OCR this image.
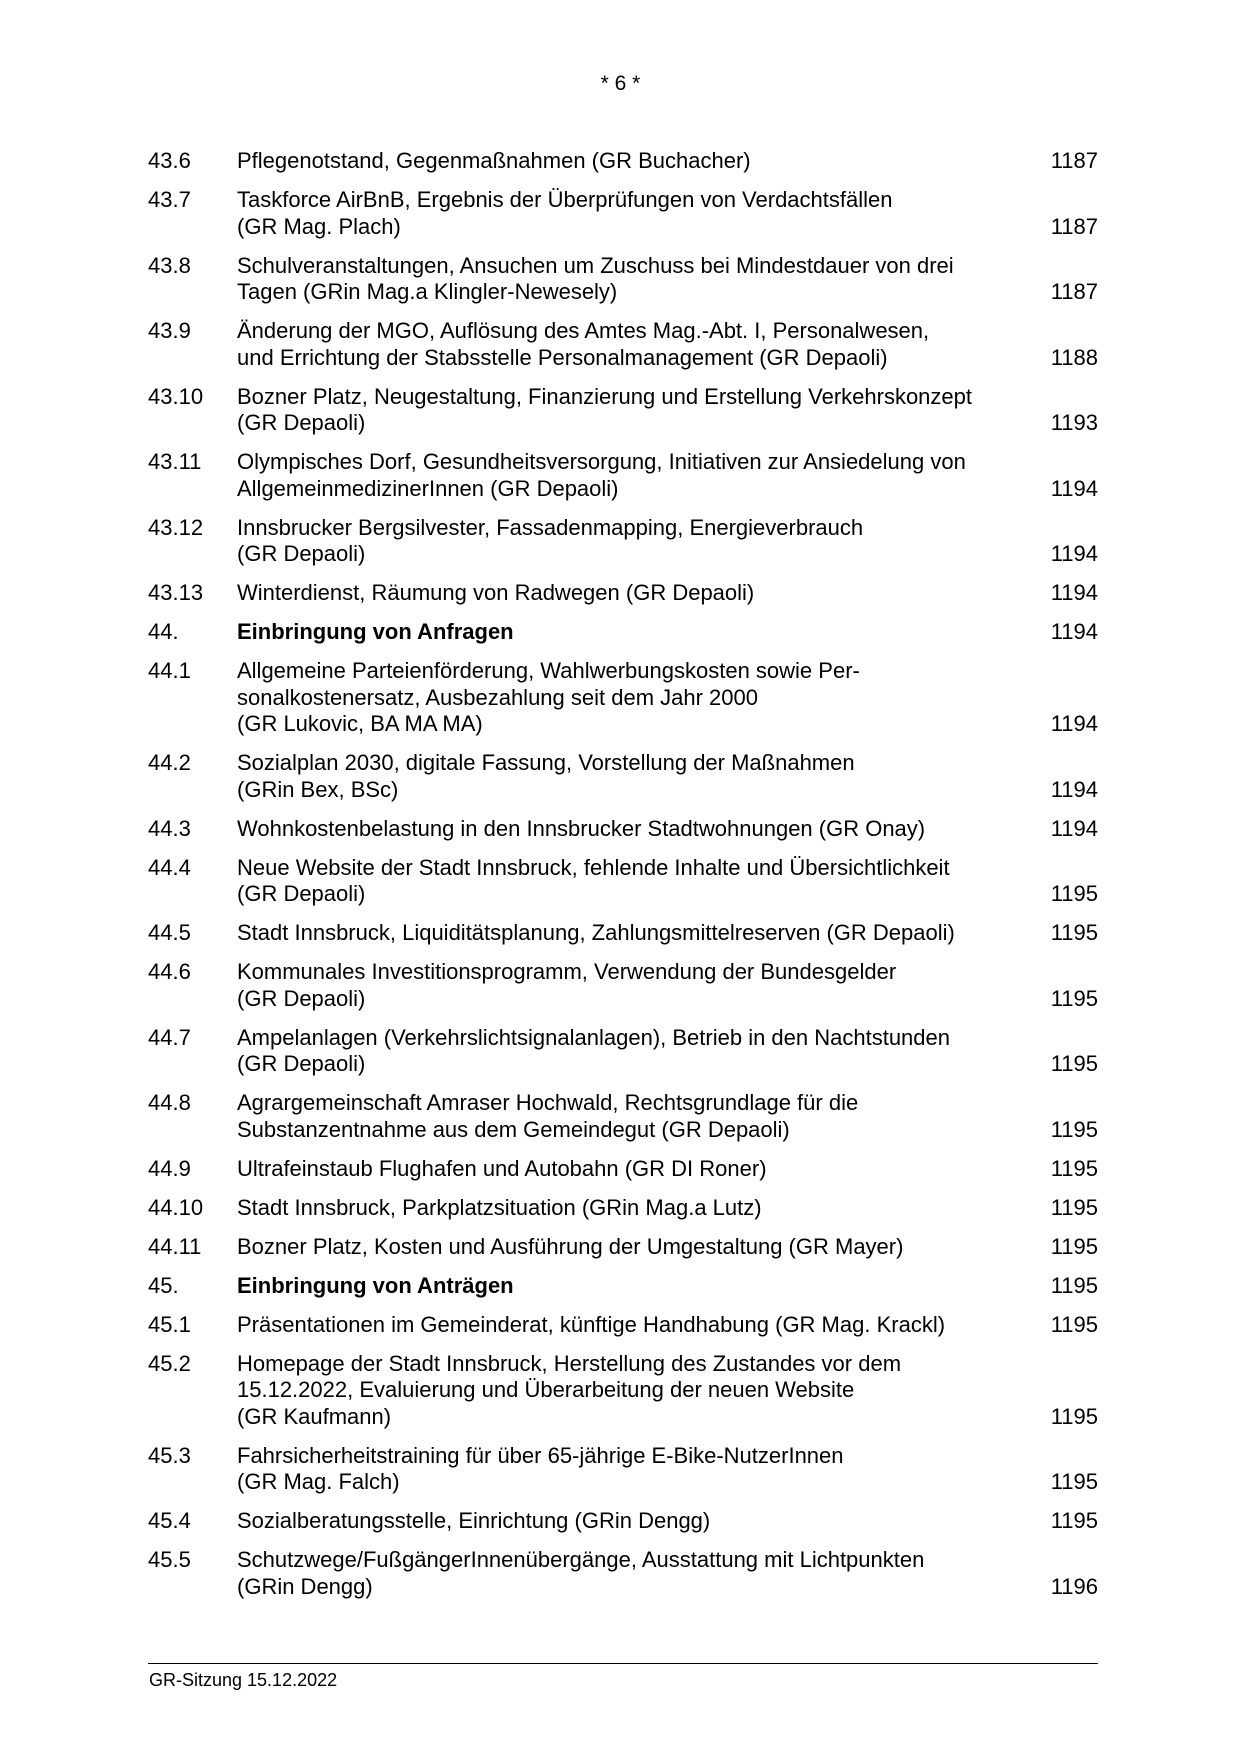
* 6 *
43.6	Pflegenotstand, Gegenmaßnahmen (GR Buchacher)	1187
43.7	Taskforce AirBnB, Ergebnis der Überprüfungen von Verdachtsfällen
(GR Mag. Plach)	1187
43.8	Schulveranstaltungen, Ansuchen um Zuschuss bei Mindestdauer von drei
Tagen (GRin Mag.a Klingler-Newesely)	1187
43.9	Änderung der MGO, Auflösung des Amtes Mag.-Abt. I, Personalwesen,
und Errichtung der Stabsstelle Personalmanagement (GR Depaoli)	1188
43.10	Bozner Platz, Neugestaltung, Finanzierung und Erstellung Verkehrskonzept
(GR Depaoli)	1193
43.11	Olympisches Dorf, Gesundheitsversorgung, Initiativen zur Ansiedelung von
AllgemeinmedizinerInnen (GR Depaoli)	1194
43.12	Innsbrucker Bergsilvester, Fassadenmapping, Energieverbrauch
(GR Depaoli)	1194
43.13	Winterdienst, Räumung von Radwegen (GR Depaoli)	1194
44.	Einbringung von Anfragen	1194
44.1	Allgemeine Parteienförderung, Wahlwerbungskosten sowie Per-
sonalkostenersatz, Ausbezahlung seit dem Jahr 2000
(GR Lukovic, BA MA MA)	1194
44.2	Sozialplan 2030, digitale Fassung, Vorstellung der Maßnahmen
(GRin Bex, BSc)	1194
44.3	Wohnkostenbelastung in den Innsbrucker Stadtwohnungen (GR Onay)	1194
44.4	Neue Website der Stadt Innsbruck, fehlende Inhalte und Übersichtlichkeit
(GR Depaoli)	1195
44.5	Stadt Innsbruck, Liquiditätsplanung, Zahlungsmittelreserven (GR Depaoli)	1195
44.6	Kommunales Investitionsprogramm, Verwendung der Bundesgelder
(GR Depaoli)	1195
44.7	Ampelanlagen (Verkehrslichtsignalanlagen), Betrieb in den Nachtstunden
(GR Depaoli)	1195
44.8	Agrargemeinschaft Amraser Hochwald, Rechtsgrundlage für die
Substanzentnahme aus dem Gemeindegut (GR Depaoli)	1195
44.9	Ultrafeinstaub Flughafen und Autobahn (GR DI Roner)	1195
44.10	Stadt Innsbruck, Parkplatzsituation (GRin Mag.a Lutz)	1195
44.11	Bozner Platz, Kosten und Ausführung der Umgestaltung (GR Mayer)	1195
45.	Einbringung von Anträgen	1195
45.1	Präsentationen im Gemeinderat, künftige Handhabung (GR Mag. Krackl)	1195
45.2	Homepage der Stadt Innsbruck, Herstellung des Zustandes vor dem
15.12.2022, Evaluierung und Überarbeitung der neuen Website
(GR Kaufmann)	1195
45.3	Fahrsicherheitstraining für über 65-jährige E-Bike-NutzerInnen
(GR Mag. Falch)	1195
45.4	Sozialberatungsstelle, Einrichtung (GRin Dengg)	1195
45.5	Schutzwege/FußgängerInnenübergänge, Ausstattung mit Lichtpunkten
(GRin Dengg)	1196
GR-Sitzung 15.12.2022
